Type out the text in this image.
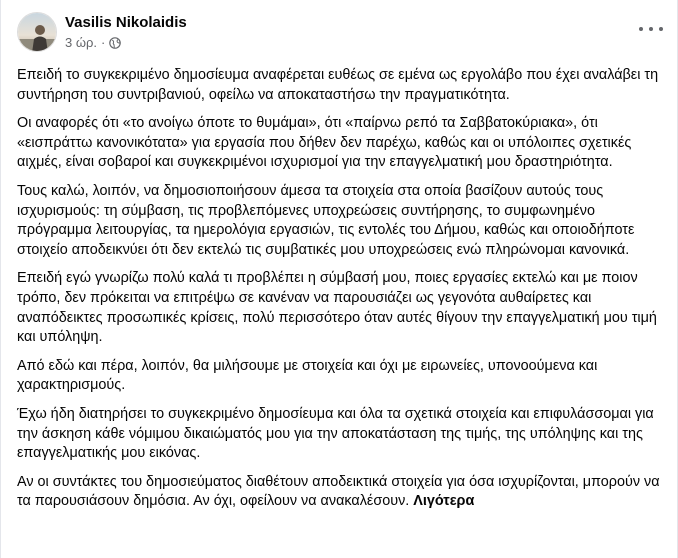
Vasilis Nikolaidis
3 ώρ. ·

Επειδή το συγκεκριμένο δημοσίευμα αναφέρεται ευθέως σε εμένα ως εργολάβο που έχει αναλάβει τη συντήρηση του συντριβανιού, οφείλω να αποκαταστήσω την πραγματικότητα.

Οι αναφορές ότι «το ανοίγω όποτε το θυμάμαι», ότι «παίρνω ρεπό τα Σαββατοκύριακα», ότι «εισπράττω κανονικότατα» για εργασία που δήθεν δεν παρέχω, καθώς και οι υπόλοιπες σχετικές αιχμές, είναι σοβαροί και συγκεκριμένοι ισχυρισμοί για την επαγγελματική μου δραστηριότητα.

Τους καλώ, λοιπόν, να δημοσιοποιήσουν άμεσα τα στοιχεία στα οποία βασίζουν αυτούς τους ισχυρισμούς: τη σύμβαση, τις προβλεπόμενες υποχρεώσεις συντήρησης, το συμφωνημένο πρόγραμμα λειτουργίας, τα ημερολόγια εργασιών, τις εντολές του Δήμου, καθώς και οποιοδήποτε στοιχείο αποδεικνύει ότι δεν εκτελώ τις συμβατικές μου υποχρεώσεις ενώ πληρώνομαι κανονικά.

Επειδή εγώ γνωρίζω πολύ καλά τι προβλέπει η σύμβασή μου, ποιες εργασίες εκτελώ και με ποιον τρόπο, δεν πρόκειται να επιτρέψω σε κανέναν να παρουσιάζει ως γεγονότα αυθαίρετες και αναπόδεικτες προσωπικές κρίσεις, πολύ περισσότερο όταν αυτές θίγουν την επαγγελματική μου τιμή και υπόληψη.

Από εδώ και πέρα, λοιπόν, θα μιλήσουμε με στοιχεία και όχι με ειρωνείες, υπονοούμενα και χαρακτηρισμούς.

Έχω ήδη διατηρήσει το συγκεκριμένο δημοσίευμα και όλα τα σχετικά στοιχεία και επιφυλάσσομαι για την άσκηση κάθε νόμιμου δικαιώματός μου για την αποκατάσταση της τιμής, της υπόληψης και της επαγγελματικής μου εικόνας.

Αν οι συντάκτες του δημοσιεύματος διαθέτουν αποδεικτικά στοιχεία για όσα ισχυρίζονται, μπορούν να τα παρουσιάσουν δημόσια. Αν όχι, οφείλουν να ανακαλέσουν. Λιγότερα
